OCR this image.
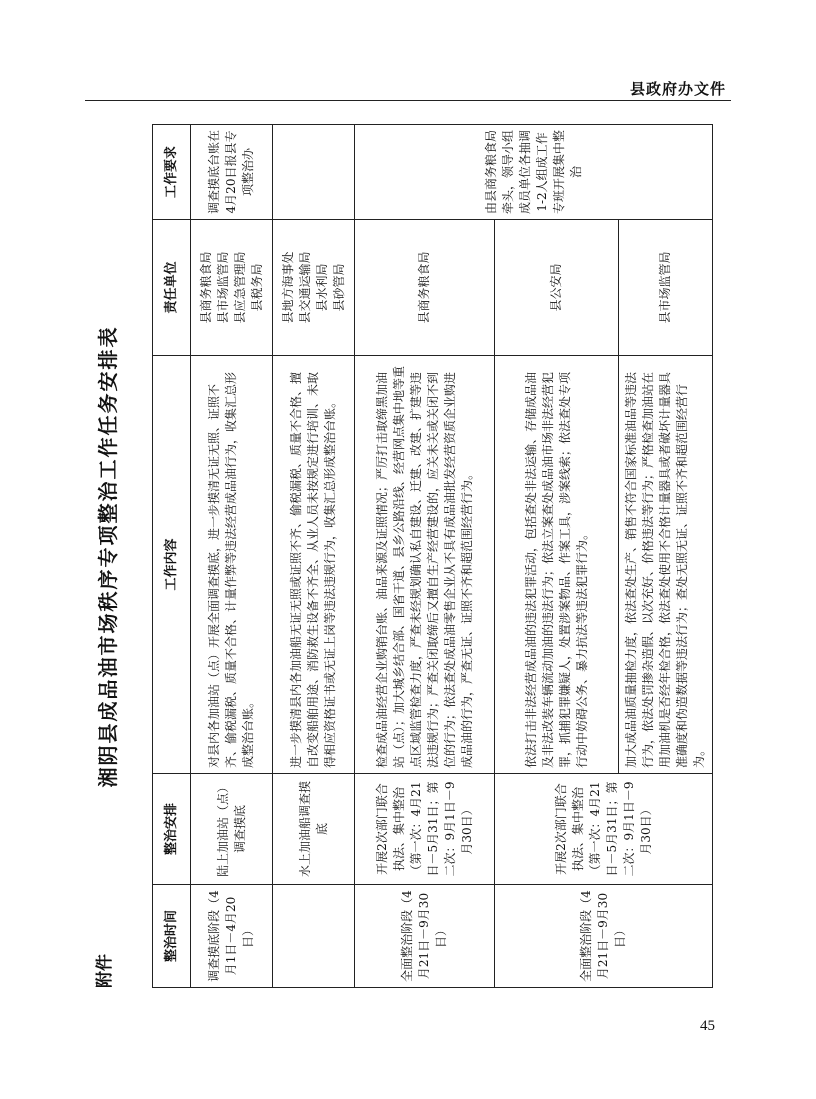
县政府办文件
附件
湘阴县成品油市场秩序专项整治工作任务安排表
整治时间	整治安排	工作内容	责任单位	工作要求
调查摸底阶段（4月1日－4月20日）	陆上加油站（点）调查摸底	对县内各加油站（点）开展全面调查摸底，进一步摸清无证无照、证照不齐、偷税漏税、质量不合格、计量作弊等违法经营成品油行为，收集汇总形成整治台账。	县商务粮食局
县市场监管局
县应急管理局
县税务局	调查摸底台账在4月20日报县专项整治办
	水上加油船调查摸底	进一步摸清县内各加油船无证无照或证照不齐、偷税漏税、质量不合格、擅自改变船舶用途、消防救生设备不齐全、从业人员未按规定进行培训、未取得相应资格证书或无证上岗等违法违规行为，收集汇总形成整治台账。	县地方海事处
县交通运输局
县水利局
县砂管局	
全面整治阶段（4月21日－9月30日）	开展2次部门联合执法、集中整治（第一次：4月21日－5月31日；第二次：9月1日－9月30日）	检查成品油经营企业购销台账、油品来源及证照情况；严厉打击取缔黑加油站（点）；加大城乡结合部、国省干道、县乡公路沿线、经营网点集中地等重点区域监管检查力度，严查未经规划确认私自建设、迁建、改建、扩建等违法违规行为；严查关闭取缔后又擅自生产经营建设的，应关未关或关闭不到位的行为；依法查处成品油零售企业从不具有成品油批发经营资质企业购进成品油的行为，严查无证、证照不齐和超范围经营行为。	县商务粮食局	由县商务粮食局牵头，领导小组成员单位各抽调1-2人组成工作专班开展集中整治
全面整治阶段（4月21日－9月30日）	开展2次部门联合执法、集中整治（第一次：4月21日－5月31日；第二次：9月1日－9月30日）	依法打击非法经营成品油的违法犯罪活动，包括查处非法运输、存储成品油及非法改装车辆流动加油的违法行为；依法立案查处成品油市场非法经营犯罪，抓捕犯罪嫌疑人，处置涉案物品、作案工具，涉案线索；依法查处专项行动中妨碍公务、暴力抗法等违法犯罪行为。	县公安局	
		加大成品油质量抽检力度，依法查处生产、销售不符合国家标准油品等违法行为，依法处罚掺杂造假、以次充好、价格违法等行为；严格检查加油站在用加油机是否经年检合格，依法查处使用不合格计量器具或者破坏计量器具准确度和伪造数据等违法行为；查处无照无证、证照不齐和超范围经营行为。	县市场监管局	
45
